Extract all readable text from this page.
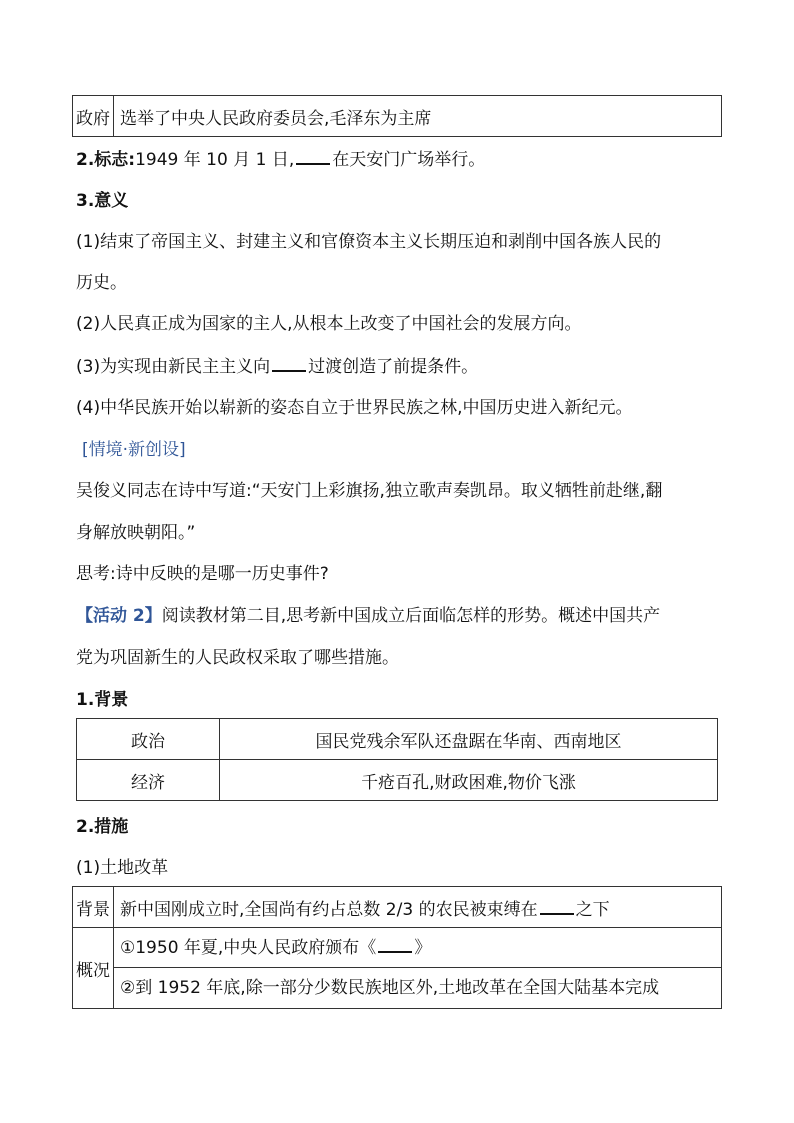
政府	选举了中央人民政府委员会,毛泽东为主席
2.标志:1949 年 10 月 1 日, 在天安门广场举行。
3.意义
(1)结束了帝国主义、封建主义和官僚资本主义长期压迫和剥削中国各族人民的
历史。
(2)人民真正成为国家的主人,从根本上改变了中国社会的发展方向。
(3)为实现由新民主主义向 过渡创造了前提条件。
(4)中华民族开始以崭新的姿态自立于世界民族之林,中国历史进入新纪元。
[情境·新创设]
吴俊义同志在诗中写道:“天安门上彩旗扬,独立歌声奏凯昂。取义牺牲前赴继,翻
身解放映朝阳。”
思考:诗中反映的是哪一历史事件?
【活动 2】阅读教材第二目,思考新中国成立后面临怎样的形势。概述中国共产
党为巩固新生的人民政权采取了哪些措施。
1.背景
政治	国民党残余军队还盘踞在华南、西南地区
经济	千疮百孔,财政困难,物价飞涨
2.措施
(1)土地改革
背景	新中国刚成立时,全国尚有约占总数 2/3 的农民被束缚在 之下
概况	①1950 年夏,中央人民政府颁布《 》
②到 1952 年底,除一部分少数民族地区外,土地改革在全国大陆基本完成
